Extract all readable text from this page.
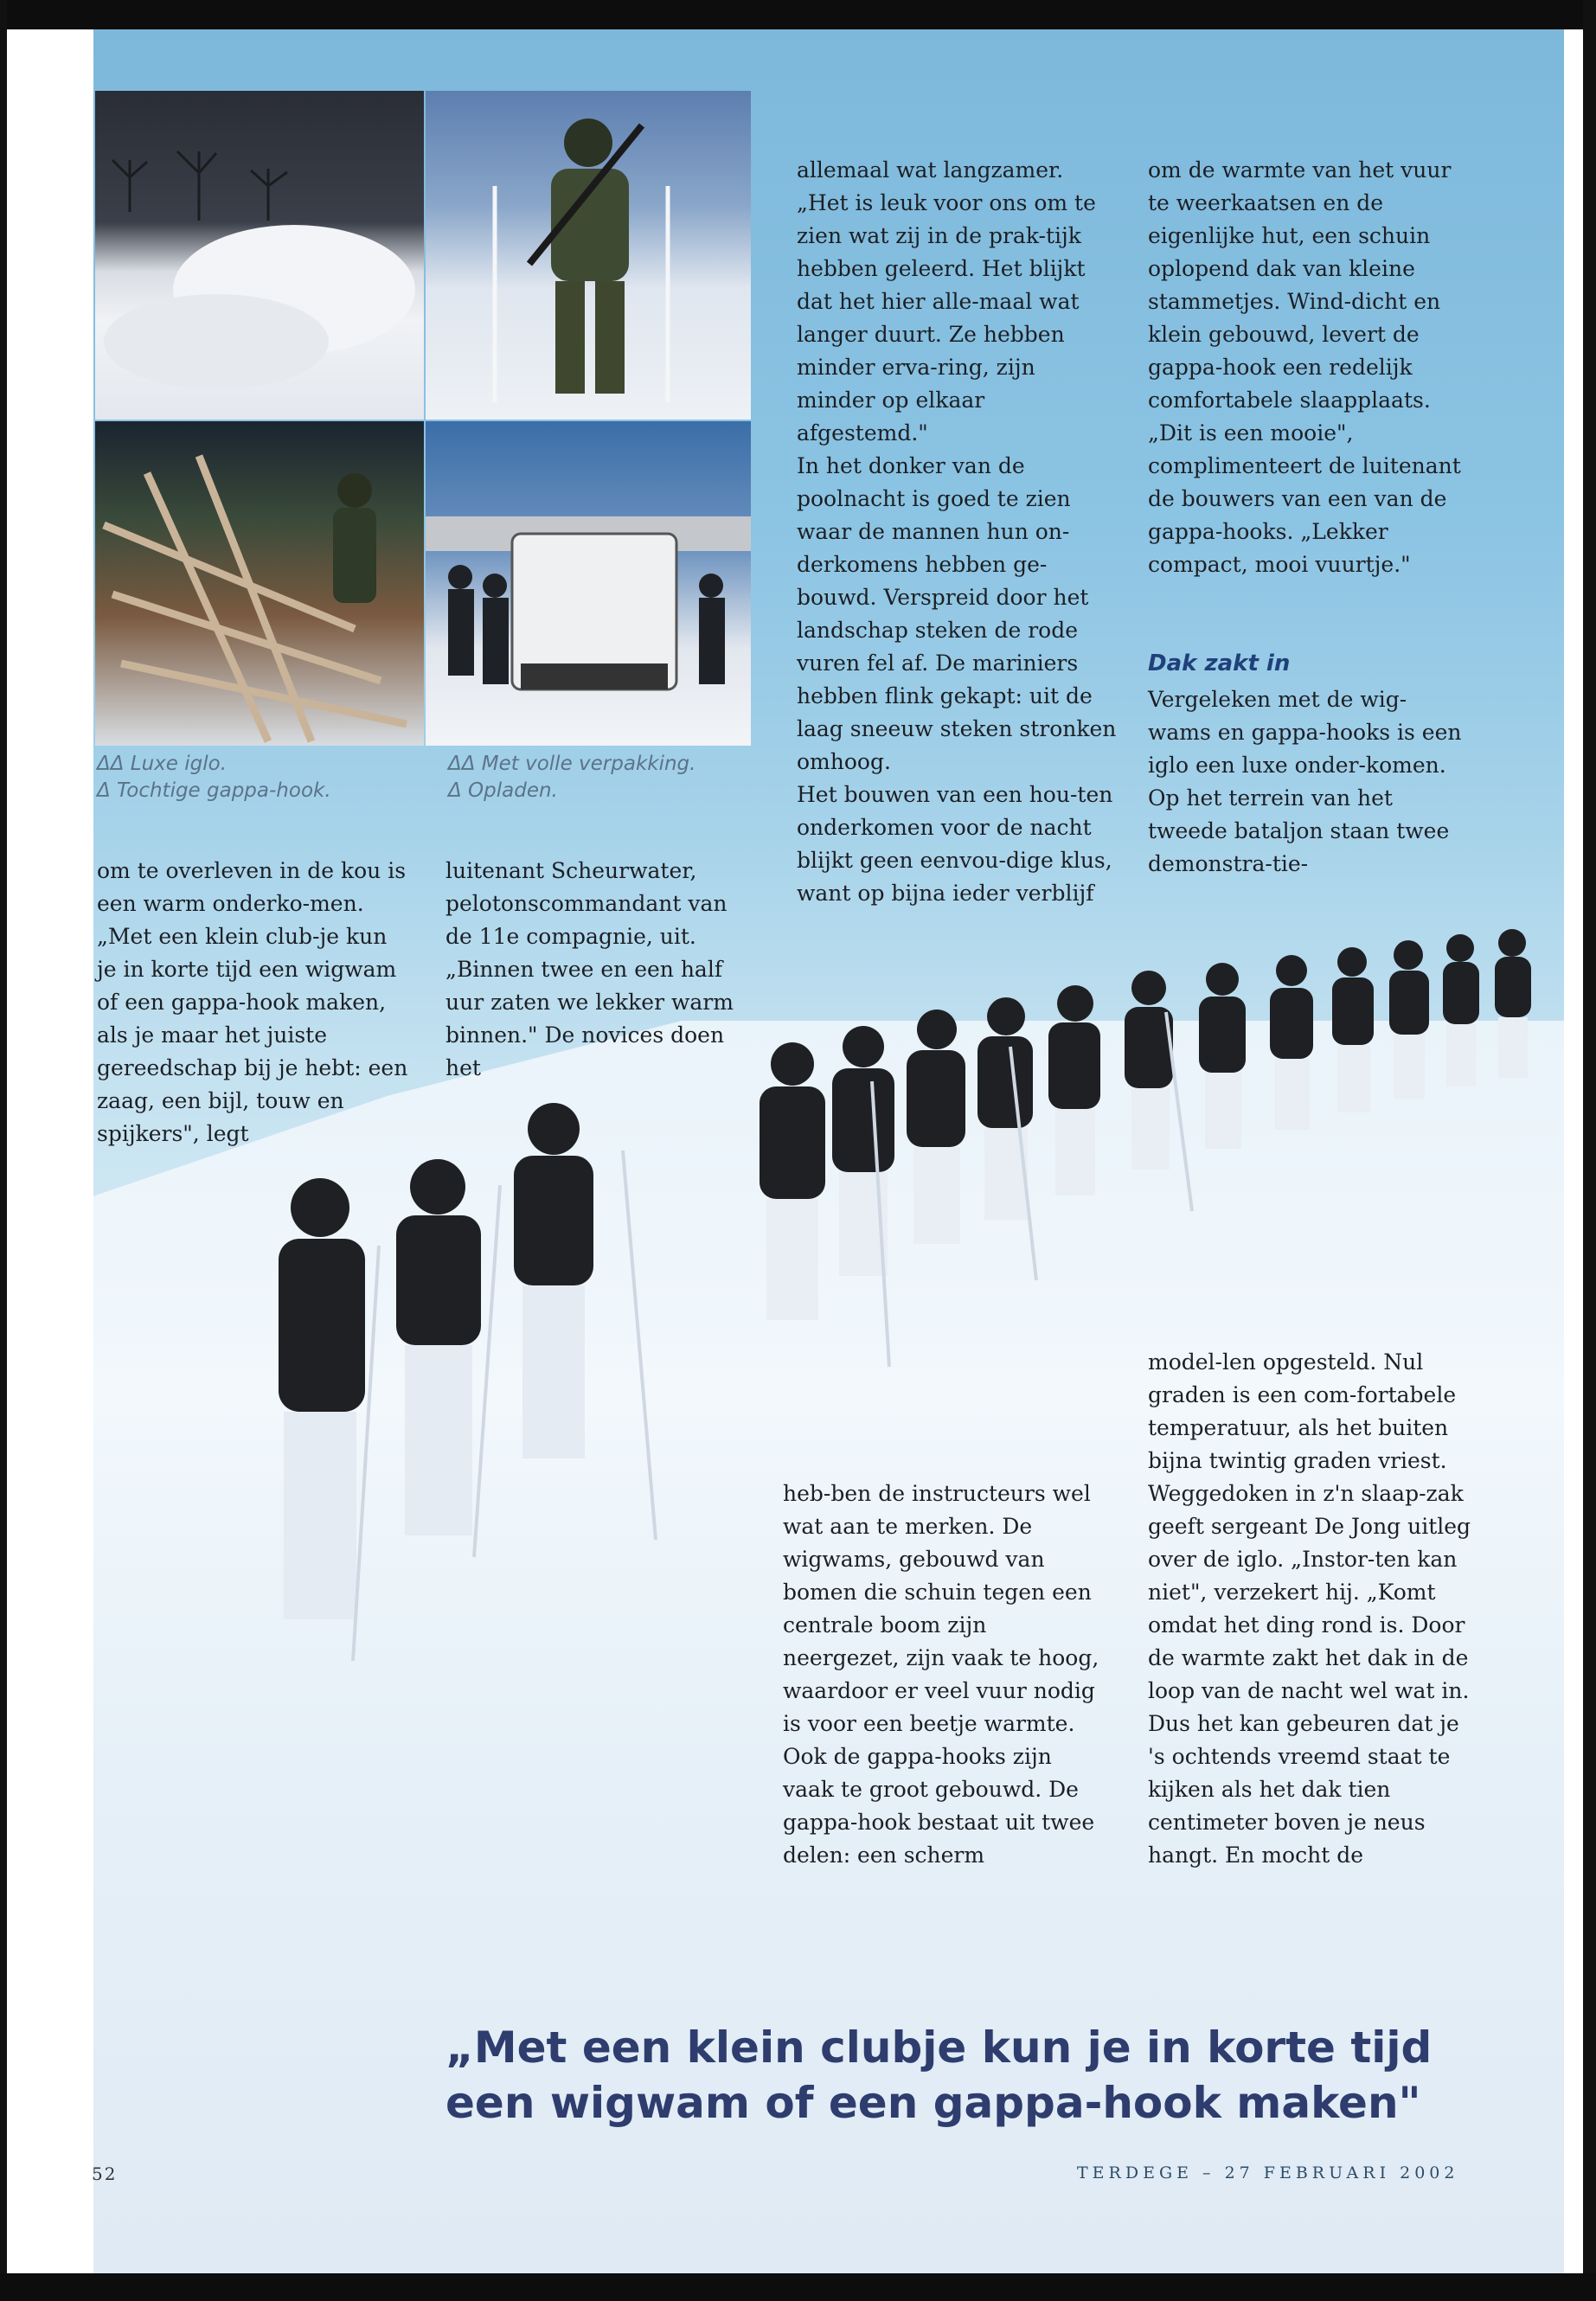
ΔΔ Luxe iglo.
Δ Tochtige gappa-hook.
ΔΔ Met volle verpakking.
Δ Opladen.

om te overleven in de kou is een warm onderko-men. „Met een klein club-je kun je in korte tijd een wigwam of een gappa-hook maken, als je maar het juiste gereedschap bij je hebt: een zaag, een bijl, touw en spijkers", legt

luitenant Scheurwater, pelotonscommandant van de 11e compagnie, uit. „Binnen twee en een half uur zaten we lekker warm binnen." De novices doen het

allemaal wat langzamer. „Het is leuk voor ons om te zien wat zij in de prak-tijk hebben geleerd. Het blijkt dat het hier alle-maal wat langer duurt. Ze hebben minder erva-ring, zijn minder op elkaar afgestemd."

In het donker van de poolnacht is goed te zien waar de mannen hun on-derkomens hebben ge-bouwd. Verspreid door het landschap steken de rode vuren fel af. De mariniers hebben flink gekapt: uit de laag sneeuw steken stronken omhoog.

Het bouwen van een hou-ten onderkomen voor de nacht blijkt geen eenvou-dige klus, want op bijna ieder verblijf

om de warmte van het vuur te weerkaatsen en de eigenlijke hut, een schuin oplopend dak van kleine stammetjes. Wind-dicht en klein gebouwd, levert de gappa-hook een redelijk comfortabele slaapplaats. „Dit is een mooie", complimenteert de luitenant de bouwers van een van de gappa-hooks. „Lekker compact, mooi vuurtje."

Dak zakt in

Vergeleken met de wig-wams en gappa-hooks is een iglo een luxe onder-komen. Op het terrein van het tweede bataljon staan twee demonstra-tie-

model-len opgesteld. Nul graden is een com-fortabele temperatuur, als het buiten bijna twintig graden vriest. Weggedoken in z'n slaap-zak geeft sergeant De Jong uitleg over de iglo. „Instor-ten kan niet", verzekert hij. „Komt omdat het ding rond is. Door de warmte zakt het dak in de loop van de nacht wel wat in. Dus het kan gebeuren dat je 's ochtends vreemd staat te kijken als het dak tien centimeter boven je neus hangt. En mocht de

heb-ben de instructeurs wel wat aan te merken. De wigwams, gebouwd van bomen die schuin tegen een centrale boom zijn neergezet, zijn vaak te hoog, waardoor er veel vuur nodig is voor een beetje warmte. Ook de gappa-hooks zijn vaak te groot gebouwd. De gappa-hook bestaat uit twee delen: een scherm

„Met een klein clubje kun je in korte tijd
een wigwam of een gappa-hook maken"
52	TERDEGE – 27 FEBRUARI 2002
